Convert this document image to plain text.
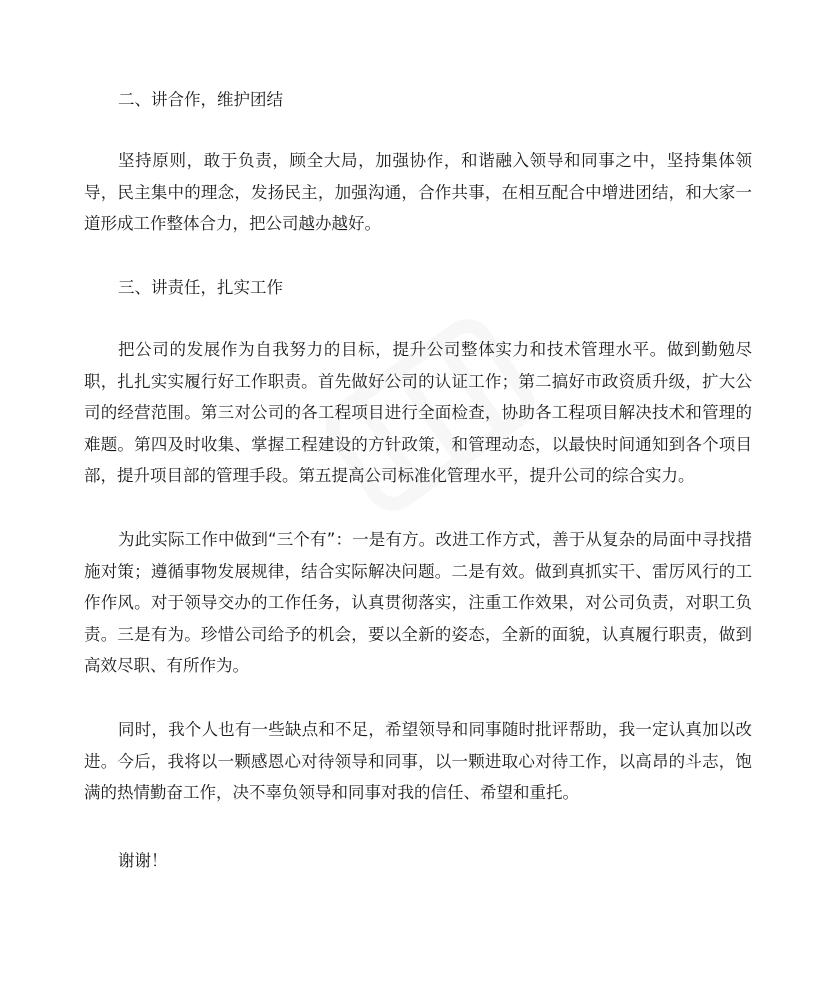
二、讲合作，维护团结

坚持原则，敢于负责，顾全大局，加强协作，和谐融入领导和同事之中，坚持集体领导，民主集中的理念，发扬民主，加强沟通，合作共事，在相互配合中增进团结，和大家一道形成工作整体合力，把公司越办越好。

三、讲责任，扎实工作

把公司的发展作为自我努力的目标，提升公司整体实力和技术管理水平。做到勤勉尽职，扎扎实实履行好工作职责。首先做好公司的认证工作；第二搞好市政资质升级，扩大公司的经营范围。第三对公司的各工程项目进行全面检查，协助各工程项目解决技术和管理的难题。第四及时收集、掌握工程建设的方针政策，和管理动态，以最快时间通知到各个项目部，提升项目部的管理手段。第五提高公司标准化管理水平，提升公司的综合实力。

为此实际工作中做到“三个有”：一是有方。改进工作方式，善于从复杂的局面中寻找措施对策；遵循事物发展规律，结合实际解决问题。二是有效。做到真抓实干、雷厉风行的工作作风。对于领导交办的工作任务，认真贯彻落实，注重工作效果，对公司负责，对职工负责。三是有为。珍惜公司给予的机会，要以全新的姿态，全新的面貌，认真履行职责，做到高效尽职、有所作为。

同时，我个人也有一些缺点和不足，希望领导和同事随时批评帮助，我一定认真加以改进。今后，我将以一颗感恩心对待领导和同事，以一颗进取心对待工作，以高昂的斗志，饱满的热情勤奋工作，决不辜负领导和同事对我的信任、希望和重托。

谢谢！
